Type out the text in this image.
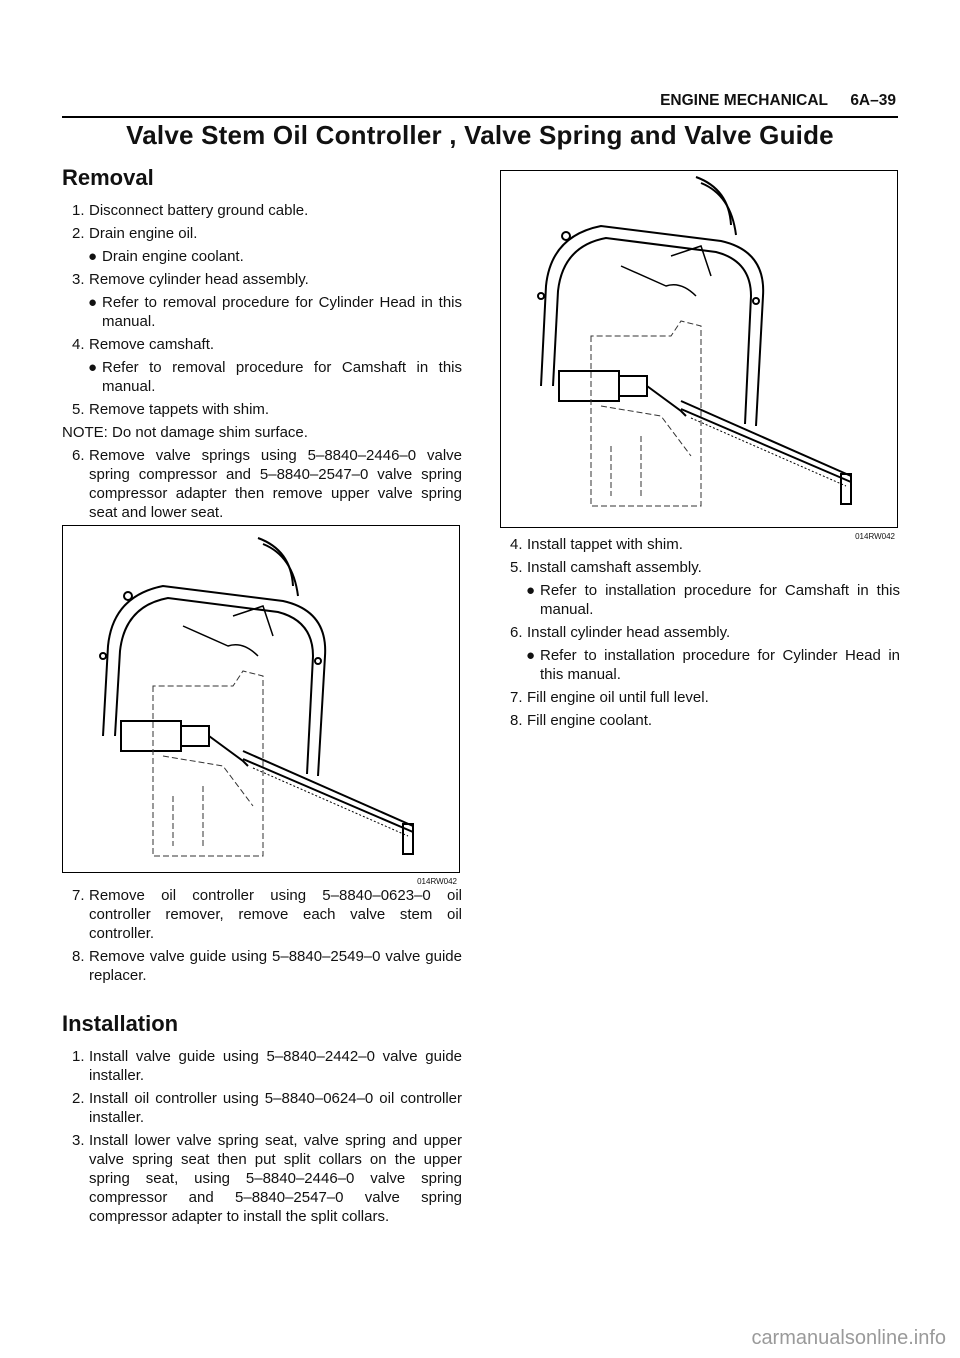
ENGINE MECHANICAL 6A–39
Valve Stem Oil Controller , Valve Spring and Valve Guide
Removal
1. Disconnect battery ground cable.
2. Drain engine oil.
● Drain engine coolant.
3. Remove cylinder head assembly.
● Refer to removal procedure for Cylinder Head in this manual.
4. Remove camshaft.
● Refer to removal procedure for Camshaft in this manual.
5. Remove tappets with shim.
NOTE: Do not damage shim surface.
6. Remove valve springs using 5–8840–2446–0 valve spring compressor and 5–8840–2547–0 valve spring compressor adapter then remove upper valve spring seat and lower seat.
014RW042
7. Remove oil controller using 5–8840–0623–0 oil controller remover, remove each valve stem oil controller.
8. Remove valve guide using 5–8840–2549–0 valve guide replacer.
Installation
1. Install valve guide using 5–8840–2442–0 valve guide installer.
2. Install oil controller using 5–8840–0624–0 oil controller installer.
3. Install lower valve spring seat, valve spring and upper valve spring seat then put split collars on the upper spring seat, using 5–8840–2446–0 valve spring compressor and 5–8840–2547–0 valve spring compressor adapter to install the split collars.
014RW042
4. Install tappet with shim.
5. Install camshaft assembly.
● Refer to installation procedure for Camshaft in this manual.
6. Install cylinder head assembly.
● Refer to installation procedure for Cylinder Head in this manual.
7. Fill engine oil until full level.
8. Fill engine coolant.
carmanualsonline.info
